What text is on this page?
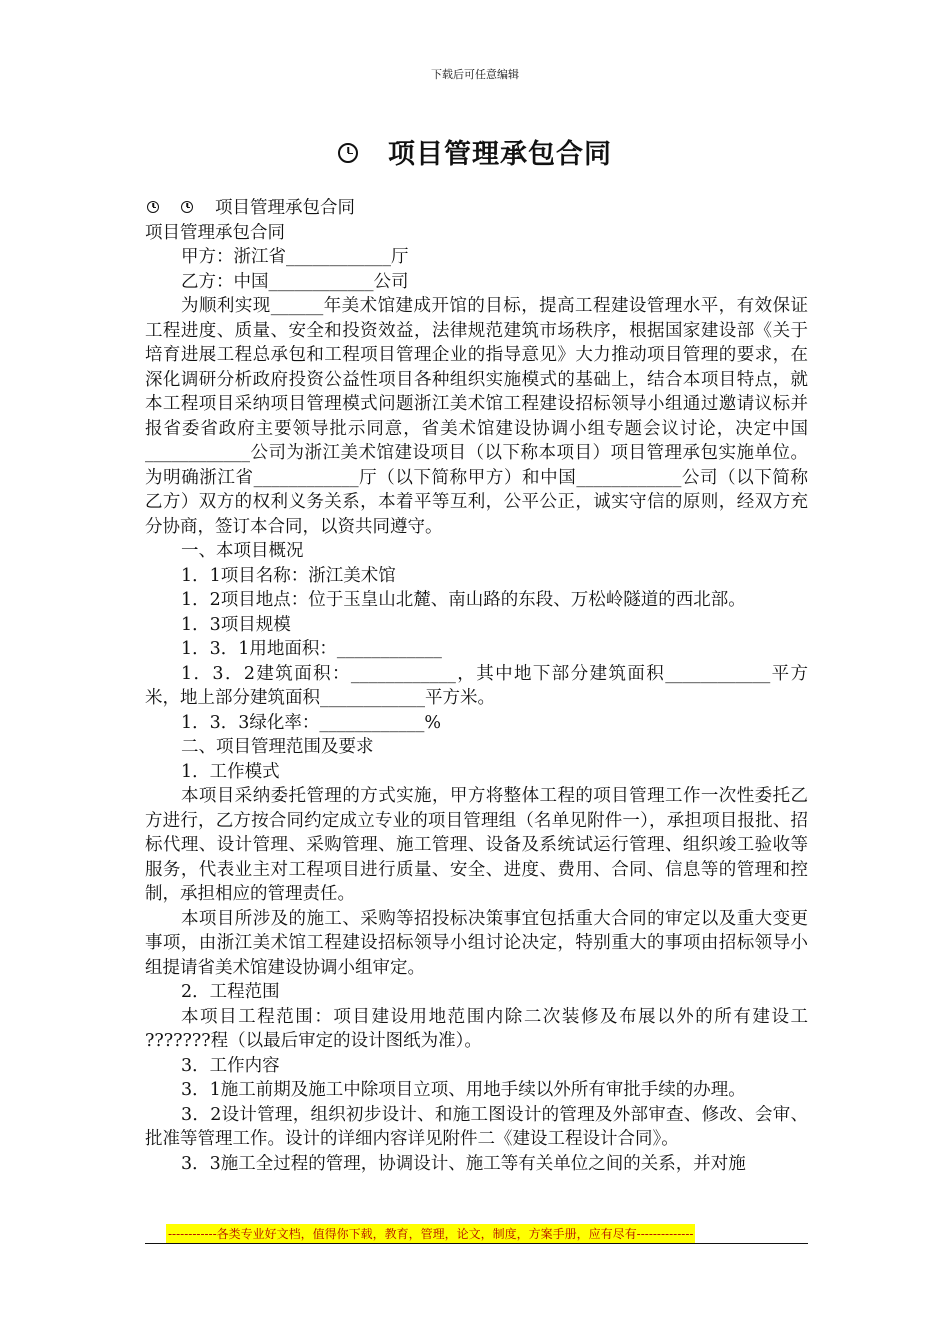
下载后可任意编辑
项目管理承包合同

项目管理承包合同

项目管理承包合同

甲方：浙江省____________厅

乙方：中国____________公司

为顺利实现______年美术馆建成开馆的目标，提高工程建设管理水平，有效保证工程进度、质量、安全和投资效益，法律规范建筑市场秩序，根据国家建设部《关于培育进展工程总承包和工程项目管理企业的指导意见》大力推动项目管理的要求，在深化调研分析政府投资公益性项目各种组织实施模式的基础上，结合本项目特点，就本工程项目采纳项目管理模式问题浙江美术馆工程建设招标领导小组通过邀请议标并报省委省政府主要领导批示同意，省美术馆建设协调小组专题会议讨论，决定中国____________公司为浙江美术馆建设项目（以下称本项目）项目管理承包实施单位。为明确浙江省____________厅（以下简称甲方）和中国____________公司（以下简称乙方）双方的权利义务关系，本着平等互利，公平公正，诚实守信的原则，经双方充分协商，签订本合同，以资共同遵守。

一、本项目概况

1．1项目名称：浙江美术馆

1．2项目地点：位于玉皇山北麓、南山路的东段、万松岭隧道的西北部。

1．3项目规模

1．3．1用地面积：____________

1．3．2建筑面积：____________，其中地下部分建筑面积____________平方米，地上部分建筑面积____________平方米。

1．3．3绿化率：____________%

二、项目管理范围及要求

1．工作模式

本项目采纳委托管理的方式实施，甲方将整体工程的项目管理工作一次性委托乙方进行，乙方按合同约定成立专业的项目管理组（名单见附件一），承担项目报批、招标代理、设计管理、采购管理、施工管理、设备及系统试运行管理、组织竣工验收等服务，代表业主对工程项目进行质量、安全、进度、费用、合同、信息等的管理和控制，承担相应的管理责任。

本项目所涉及的施工、采购等招投标决策事宜包括重大合同的审定以及重大变更事项，由浙江美术馆工程建设招标领导小组讨论决定，特别重大的事项由招标领导小组提请省美术馆建设协调小组审定。

2．工程范围

本项目工程范围：项目建设用地范围内除二次装修及布展以外的所有建设工 ???????程（以最后审定的设计图纸为准）。

3．工作内容

3．1施工前期及施工中除项目立项、用地手续以外所有审批手续的办理。

3．2设计管理，组织初步设计、和施工图设计的管理及外部审查、修改、会审、批准等管理工作。设计的详细内容详见附件二《建设工程设计合同》。

3．3施工全过程的管理，协调设计、施工等有关单位之间的关系，并对施

------------各类专业好文档，值得你下载，教育，管理，论文，制度，方案手册，应有尽有--------------
